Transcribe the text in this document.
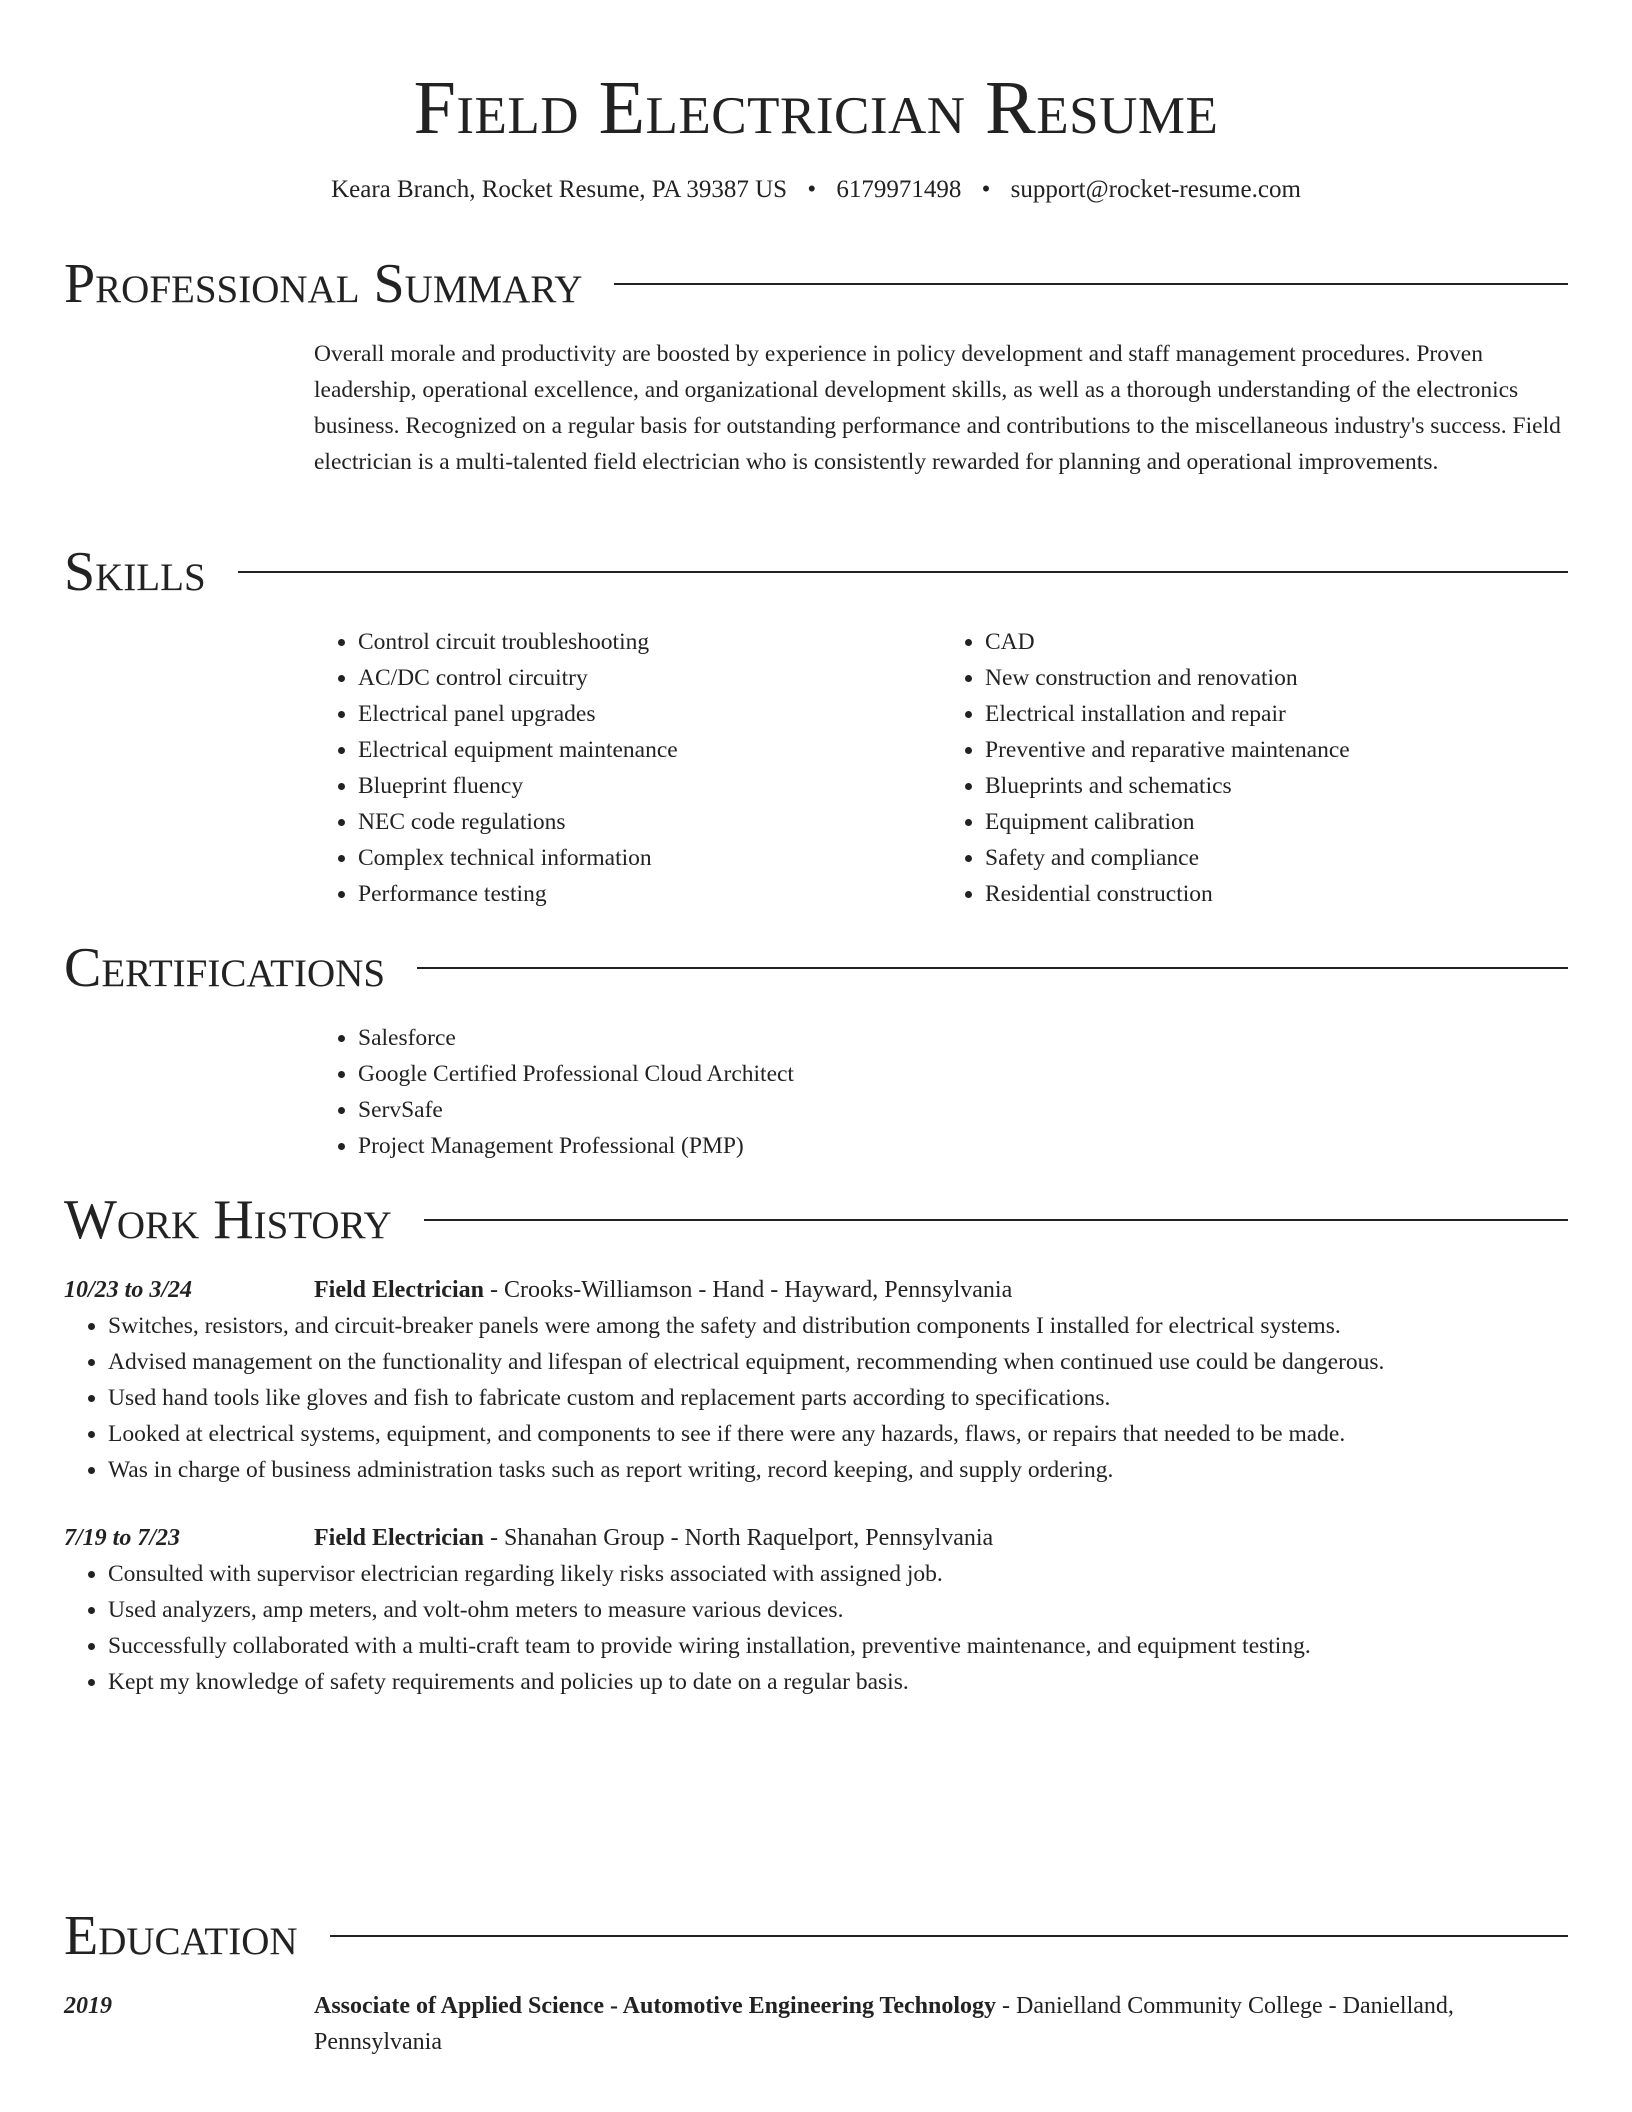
Field Electrician Resume
Keara Branch, Rocket Resume, PA 39387 US • 6179971498 • support@rocket-resume.com
Professional Summary
Overall morale and productivity are boosted by experience in policy development and staff management procedures. Proven leadership, operational excellence, and organizational development skills, as well as a thorough understanding of the electronics business. Recognized on a regular basis for outstanding performance and contributions to the miscellaneous industry's success. Field electrician is a multi-talented field electrician who is consistently rewarded for planning and operational improvements.
Skills
• Control circuit troubleshooting
• AC/DC control circuitry
• Electrical panel upgrades
• Electrical equipment maintenance
• Blueprint fluency
• NEC code regulations
• Complex technical information
• Performance testing
• CAD
• New construction and renovation
• Electrical installation and repair
• Preventive and reparative maintenance
• Blueprints and schematics
• Equipment calibration
• Safety and compliance
• Residential construction
Certifications
• Salesforce
• Google Certified Professional Cloud Architect
• ServSafe
• Project Management Professional (PMP)
Work History
10/23 to 3/24	Field Electrician - Crooks-Williamson - Hand - Hayward, Pennsylvania
• Switches, resistors, and circuit-breaker panels were among the safety and distribution components I installed for electrical systems.
• Advised management on the functionality and lifespan of electrical equipment, recommending when continued use could be dangerous.
• Used hand tools like gloves and fish to fabricate custom and replacement parts according to specifications.
• Looked at electrical systems, equipment, and components to see if there were any hazards, flaws, or repairs that needed to be made.
• Was in charge of business administration tasks such as report writing, record keeping, and supply ordering.
7/19 to 7/23	Field Electrician - Shanahan Group - North Raquelport, Pennsylvania
• Consulted with supervisor electrician regarding likely risks associated with assigned job.
• Used analyzers, amp meters, and volt-ohm meters to measure various devices.
• Successfully collaborated with a multi-craft team to provide wiring installation, preventive maintenance, and equipment testing.
• Kept my knowledge of safety requirements and policies up to date on a regular basis.
Education
2019	Associate of Applied Science - Automotive Engineering Technology - Danielland Community College - Danielland, Pennsylvania
